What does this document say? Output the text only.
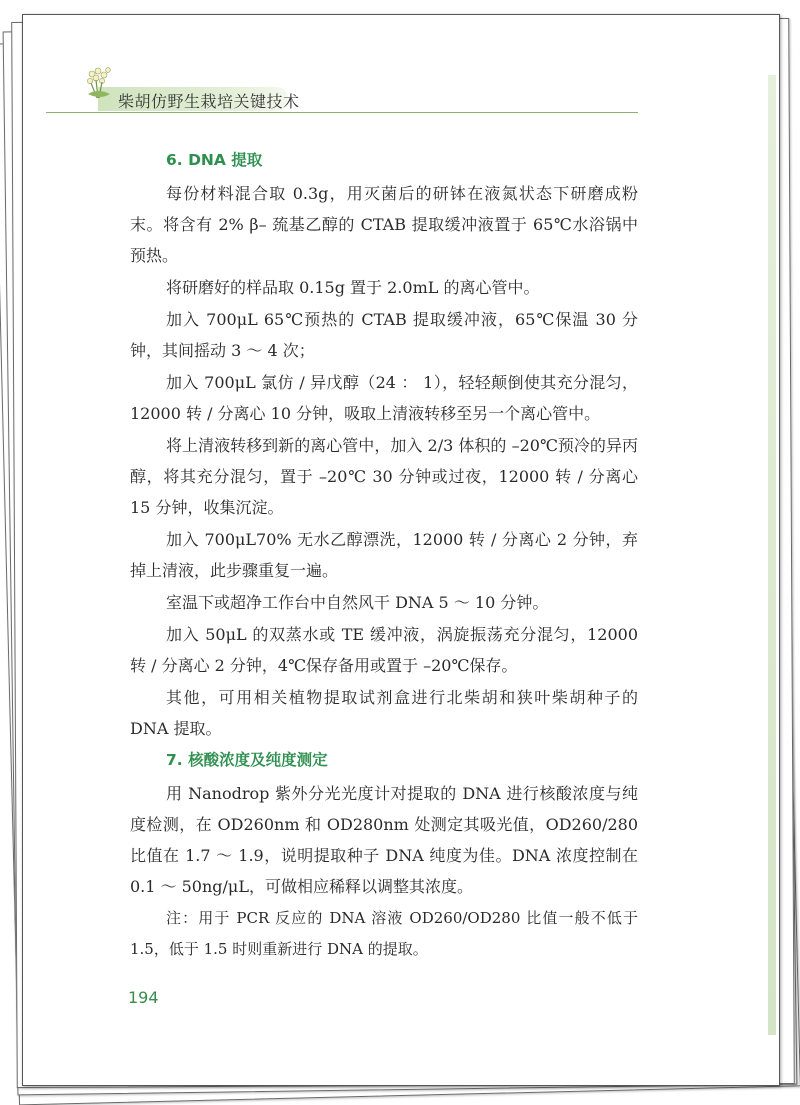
柴胡仿野生栽培关键技术

6. DNA 提取

每份材料混合取 0.3g，用灭菌后的研钵在液氮状态下研磨成粉末。将含有 2% β– 巯基乙醇的 CTAB 提取缓冲液置于 65℃水浴锅中预热。

将研磨好的样品取 0.15g 置于 2.0mL 的离心管中。

加入 700μL 65℃预热的 CTAB 提取缓冲液，65℃保温 30 分钟，其间摇动 3 ～ 4 次；

加入 700μL 氯仿 / 异戊醇（24 ： 1），轻轻颠倒使其充分混匀，12000 转 / 分离心 10 分钟，吸取上清液转移至另一个离心管中。

将上清液转移到新的离心管中，加入 2/3 体积的 –20℃预冷的异丙醇，将其充分混匀，置于 –20℃ 30 分钟或过夜，12000 转 / 分离心 15 分钟，收集沉淀。

加入 700μL70% 无水乙醇漂洗，12000 转 / 分离心 2 分钟，弃掉上清液，此步骤重复一遍。

室温下或超净工作台中自然风干 DNA 5 ～ 10 分钟。

加入 50μL 的双蒸水或 TE 缓冲液，涡旋振荡充分混匀，12000 转 / 分离心 2 分钟，4℃保存备用或置于 –20℃保存。

其他，可用相关植物提取试剂盒进行北柴胡和狭叶柴胡种子的 DNA 提取。

7. 核酸浓度及纯度测定

用 Nanodrop 紫外分光光度计对提取的 DNA 进行核酸浓度与纯度检测，在 OD260nm 和 OD280nm 处测定其吸光值，OD260/280 比值在 1.7 ～ 1.9，说明提取种子 DNA 纯度为佳。DNA 浓度控制在 0.1 ～ 50ng/μL，可做相应稀释以调整其浓度。

注：用于 PCR 反应的 DNA 溶液 OD260/OD280 比值一般不低于 1.5，低于 1.5 时则重新进行 DNA 的提取。

194
